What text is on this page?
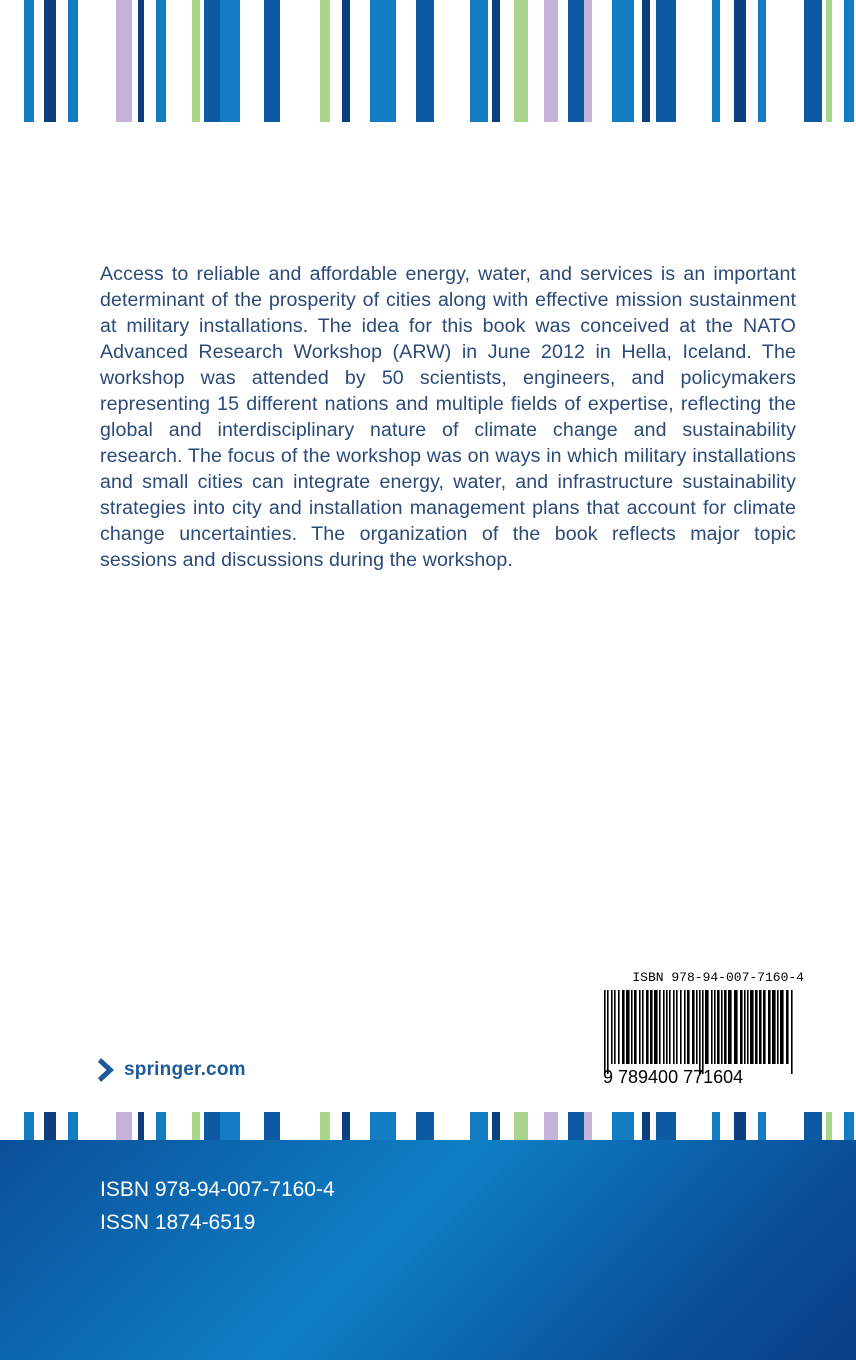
Access to reliable and affordable energy, water, and services is an important determinant of the prosperity of cities along with effective mission sustainment at military installations. The idea for this book was conceived at the NATO Advanced Research Workshop (ARW) in June 2012 in Hella, Iceland. The workshop was attended by 50 scientists, engineers, and policymakers representing 15 different nations and multiple fields of expertise, reflecting the global and interdisciplinary nature of climate change and sustainability research. The focus of the workshop was on ways in which military installations and small cities can integrate energy, water, and infrastructure sustainability strategies into city and installation management plans that account for climate change uncertainties. The organization of the book reflects major topic sessions and discussions during the workshop.

ISBN 978-94-007-7160-4
9 789400 771604
springer.com
ISBN 978-94-007-7160-4
ISSN 1874-6519
